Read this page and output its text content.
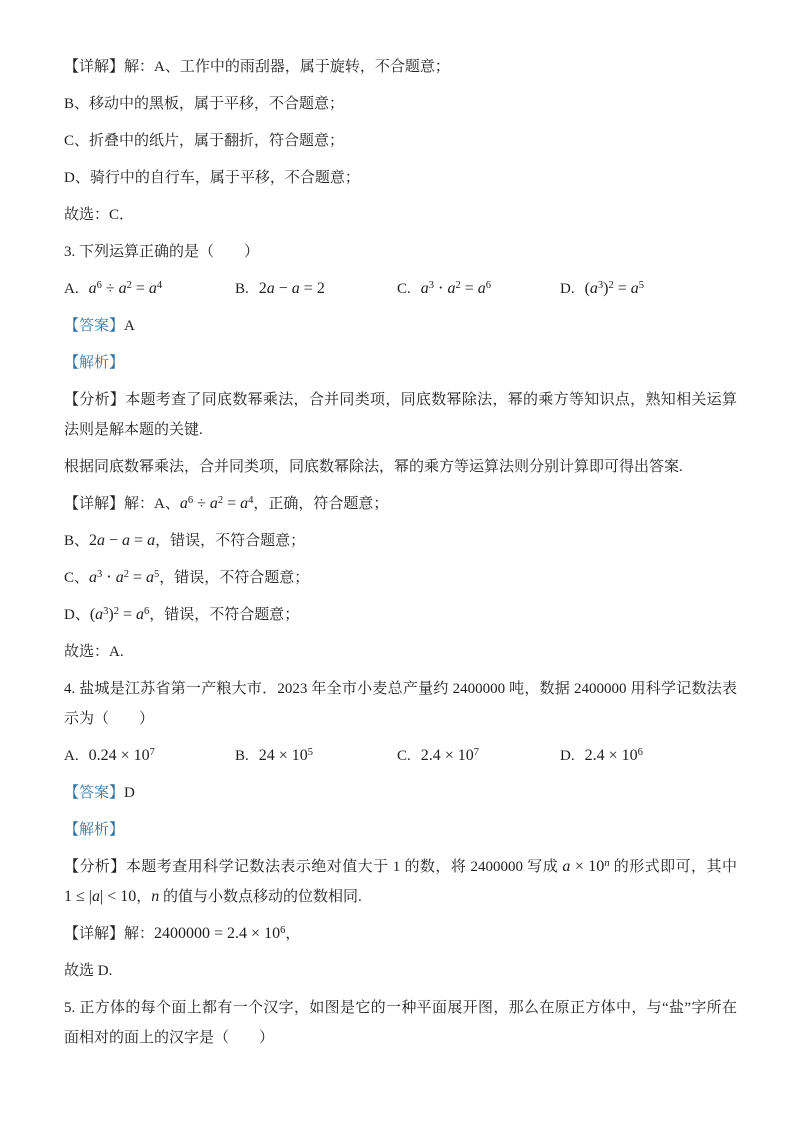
【详解】解：A、工作中的雨刮器，属于旋转，不合题意；

B、移动中的黑板，属于平移，不合题意；

C、折叠中的纸片，属于翻折，符合题意；

D、骑行中的自行车，属于平移，不合题意；

故选：C．

3. 下列运算正确的是（　　）

A. $a^6 \div a^2 = a^4$	B. 2a − a = 2	C. $a^3 \cdot a^2 = a^6$	D. $(a^3)^2 = a^5$

【答案】A

【解析】

【分析】本题考查了同底数幂乘法，合并同类项，同底数幂除法，幂的乘方等知识点，熟知相关运算法则是解本题的关键.

根据同底数幂乘法，合并同类项，同底数幂除法，幂的乘方等运算法则分别计算即可得出答案.

【详解】解：A、$a^6 \div a^2 = a^4$，正确，符合题意；

B、2a − a = a，错误，不符合题意；

C、$a^3 \cdot a^2 = a^5$，错误，不符合题意；

D、$(a^3)^2 = a^6$，错误，不符合题意；

故选：A.

4. 盐城是江苏省第一产粮大市．2023 年全市小麦总产量约 2400000 吨，数据 2400000 用科学记数法表示为（　　）

A. $0.24 \times 10^7$	B. $24 \times 10^5$	C. $2.4 \times 10^7$	D. $2.4 \times 10^6$

【答案】D

【解析】

【分析】本题考查用科学记数法表示绝对值大于 1 的数，将 2400000 写成 $a \times 10^n$ 的形式即可，其中 1 ≤ |a| < 10，n 的值与小数点移动的位数相同.

【详解】解：$2400000 = 2.4 \times 10^6$，

故选 D.

5. 正方体的每个面上都有一个汉字，如图是它的一种平面展开图，那么在原正方体中，与“盐”字所在面相对的面上的汉字是（　　）
